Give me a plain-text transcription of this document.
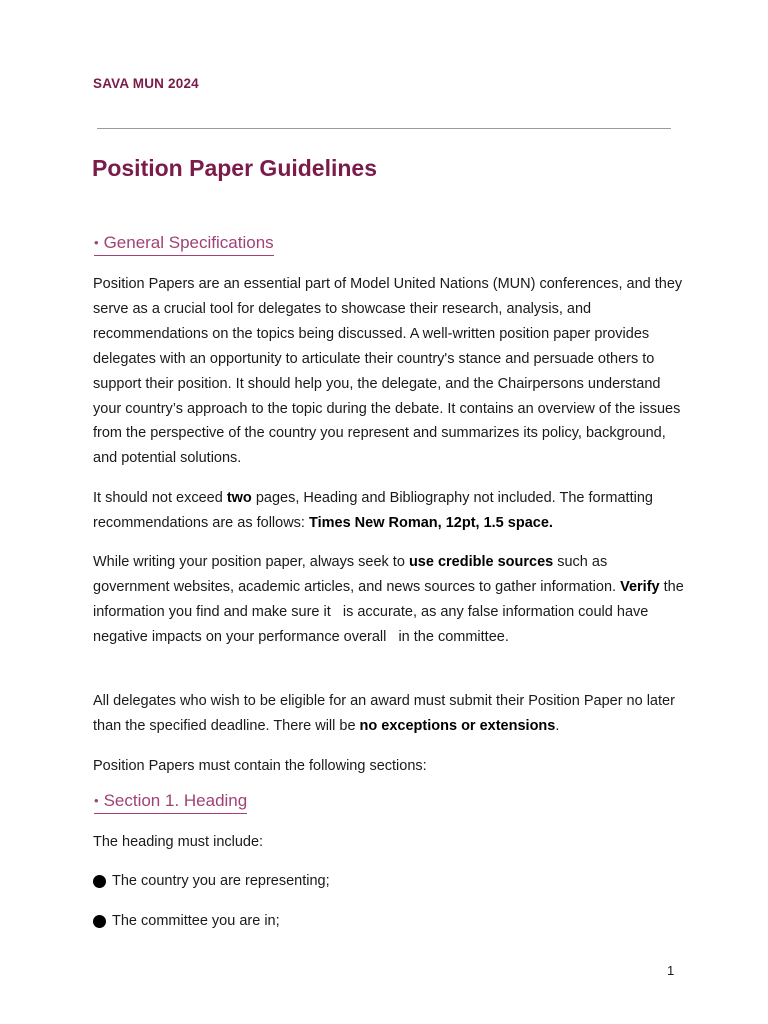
SAVA MUN 2024
Position Paper Guidelines
• General Specifications

Position Papers are an essential part of Model United Nations (MUN) conferences, and they serve as a crucial tool for delegates to showcase their research, analysis, and recommendations on the topics being discussed. A well-written position paper provides delegates with an opportunity to articulate their country's stance and persuade others to support their position. It should help you, the delegate, and the Chairpersons understand your country’s approach to the topic during the debate. It contains an overview of the issues from the perspective of the country you represent and summarizes its policy, background, and potential solutions.

It should not exceed two pages, Heading and Bibliography not included. The formatting recommendations are as follows: Times New Roman, 12pt, 1.5 space.

While writing your position paper, always seek to use credible sources such as government websites, academic articles, and news sources to gather information. Verify the      information you find and make sure it   is accurate, as any false information could have negative impacts on your performance overall   in the committee.

All delegates who wish to be eligible for an award must submit their Position Paper no later than the specified deadline. There will be no exceptions or extensions.

Position Papers must contain the following sections:

• Section 1. Heading

The heading must include:

The country you are representing;
The committee you are in;
1
